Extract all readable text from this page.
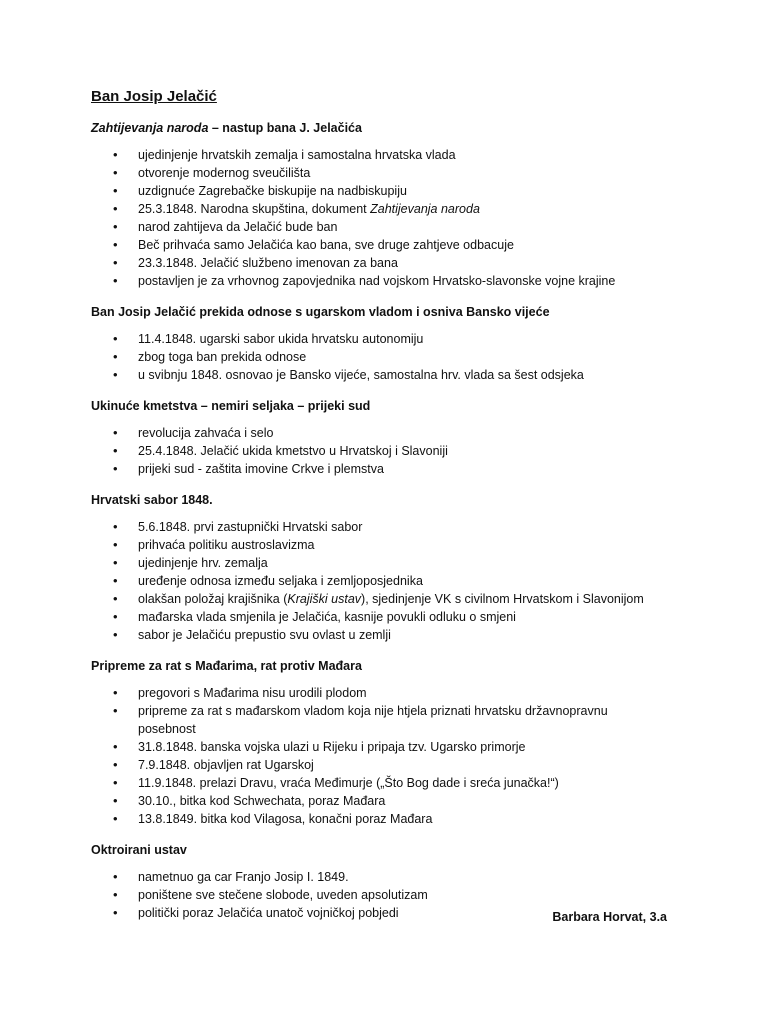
Ban Josip Jelačić
Zahtijevanja naroda – nastup bana J. Jelačića
• ujedinjenje hrvatskih zemalja i samostalna hrvatska vlada
• otvorenje modernog sveučilišta
• uzdignuće Zagrebačke biskupije na nadbiskupiju
• 25.3.1848. Narodna skupština, dokument Zahtijevanja naroda
• narod zahtijeva da Jelačić bude ban
• Beč prihvaća samo Jelačića kao bana, sve druge zahtjeve odbacuje
• 23.3.1848. Jelačić službeno imenovan za bana
• postavljen je za vrhovnog zapovjednika nad vojskom Hrvatsko-slavonske vojne krajine
Ban Josip Jelačić prekida odnose s ugarskom vladom i osniva Bansko vijeće
• 11.4.1848. ugarski sabor ukida hrvatsku autonomiju
• zbog toga ban prekida odnose
• u svibnju 1848. osnovao je Bansko vijeće, samostalna hrv. vlada sa šest odsjeka
Ukinuće kmetstva – nemiri seljaka – prijeki sud
• revolucija zahvaća i selo
• 25.4.1848. Jelačić ukida kmetstvo u Hrvatskoj i Slavoniji
• prijeki sud - zaštita imovine Crkve i plemstva
Hrvatski sabor 1848.
• 5.6.1848. prvi zastupnički Hrvatski sabor
• prihvaća politiku austroslavizma
• ujedinjenje hrv. zemalja
• uređenje odnosa između seljaka i zemljoposjednika
• olakšan položaj krajišnika (Krajiški ustav), sjedinjenje VK s civilnom Hrvatskom i Slavonijom
• mađarska vlada smjenila je Jelačića, kasnije povukli odluku o smjeni
• sabor je Jelačiću prepustio svu ovlast u zemlji
Pripreme za rat s Mađarima, rat protiv Mađara
• pregovori s Mađarima nisu urodili plodom
• pripreme za rat s mađarskom vladom koja nije htjela priznati hrvatsku državnopravnu posebnost
• 31.8.1848. banska vojska ulazi u Rijeku i pripaja tzv. Ugarsko primorje
• 7.9.1848. objavljen rat Ugarskoj
• 11.9.1848. prelazi Dravu, vraća Međimurje („Što Bog dade i sreća junačka!“)
• 30.10., bitka kod Schwechata, poraz Mađara
• 13.8.1849. bitka kod Vilagosa, konačni poraz Mađara
Oktroirani ustav
• nametnuo ga car Franjo Josip I. 1849.
• poništene sve stečene slobode, uveden apsolutizam
• politički poraz Jelačića unatoč vojničkoj pobjedi	Barbara Horvat, 3.a
